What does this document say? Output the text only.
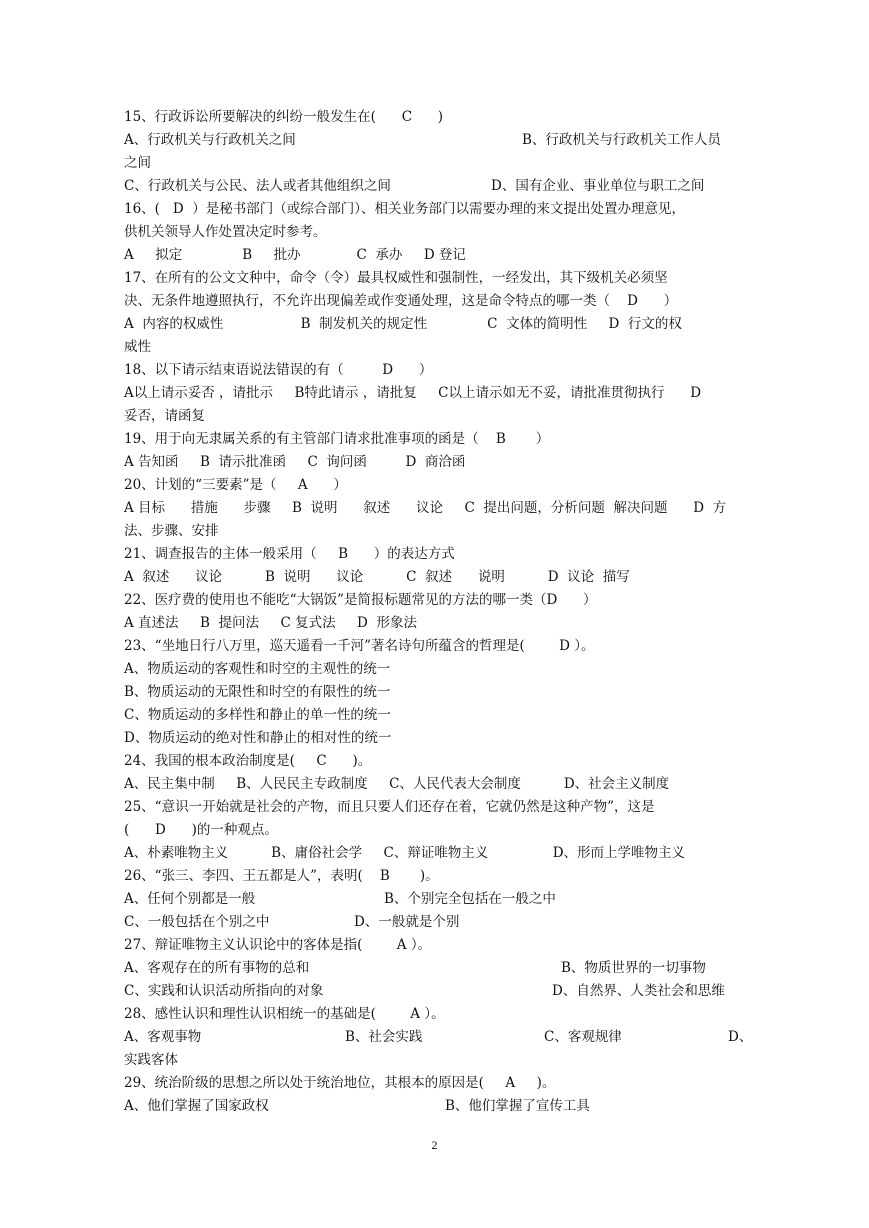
15、行政诉讼所要解决的纠纷一般发生在(      C      )
A、行政机关与行政机关之间	B、行政机关与行政机关工作人员
之间
C、行政机关与公民、法人或者其他组织之间	D、国有企业、事业单位与职工之间
16、(   D  ）是秘书部门（或综合部门）、相关业务部门以需要办理的来文提出处置办理意见，
供机关领导人作处置决定时参考。
A     拟定              B     批办             C  承办     D 登记
17、在所有的公文文种中，命令（令）最具权威性和强制性，一经发出，其下级机关必须坚
决、无条件地遵照执行，不允许出现偏差或作变通处理，这是命令特点的哪一类（    D      ）
A  内容的权威性                  B  制发机关的规定性              C  文体的简明性     D  行文的权
威性
18、以下请示结束语说法错误的有（         D      ）
A以上请示妥否 ，请批示     B特此请示 ，请批复     C以上请示如无不妥，请批准贯彻执行      D
妥否，请函复
19、用于向无隶属关系的有主管部门请求批准事项的函是（    B       ）
A 告知函     B  请示批准函     C  询问函         D  商洽函
20、计划的“三要素”是（     A      ）
A 目标      措施      步骤     B  说明      叙述      议论     C  提出问题，分析问题  解决问题      D  方
法、步骤、安排
21、调查报告的主体一般采用（     B      ）的表达方式
A  叙述      议论          B  说明      议论          C  叙述      说明          D  议论  描写
22、医疗费的使用也不能吃“大锅饭”是简报标题常见的方法的哪一类（D      ）
A 直述法     B  提问法     C 复式法     D  形象法
23、“坐地日行八万里，巡天遥看一千河”著名诗句所蕴含的哲理是(        D ）。
A、物质运动的客观性和时空的主观性的统一
B、物质运动的无限性和时空的有限性的统一
C、物质运动的多样性和静止的单一性的统一
D、物质运动的绝对性和静止的相对性的统一
24、我国的根本政治制度是(     C      )。
A、民主集中制     B、人民民主专政制度     C、人民代表大会制度          D、社会主义制度
25、“意识一开始就是社会的产物，而且只要人们还存在着，它就仍然是这种产物”，这是
(      D      )的一种观点。
A、朴素唯物主义          B、庸俗社会学     C、辩证唯物主义               D、形而上学唯物主义
26、“张三、李四、王五都是人”，表明(    B       )。
A、任何个别都是一般	B、个别完全包括在一般之中
C、一般包括在个别之中	D、一般就是个别
27、辩证唯物主义认识论中的客体是指(        A ）。
A、客观存在的所有事物的总和	B、物质世界的一切事物
C、实践和认识活动所指向的对象	D、自然界、人类社会和思维
28、感性认识和理性认识相统一的基础是(        A ）。
A、客观事物	B、社会实践	C、客观规律	D、
实践客体
29、统治阶级的思想之所以处于统治地位，其根本的原因是(     A     )。
A、他们掌握了国家政权	B、他们掌握了宣传工具
2
